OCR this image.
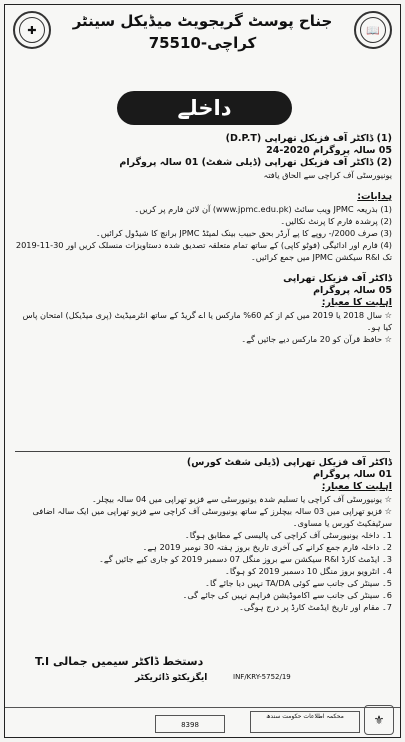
✚	📖
جناح پوسٹ گریجویٹ میڈیکل سینٹر
کراچی-75510
داخلے
(1) ڈاکٹر آف فزیکل تھراپی (D.P.T)
05 سالہ پروگرام 2020-24
(2) ڈاکٹر آف فزیکل تھراپی (ڈیلی شفٹ) 01 سالہ پروگرام
یونیورسٹی آف کراچی سے الحاق یافتہ
ہدایات:
(1) بذریعہ JPMC ویب سائٹ (www.jpmc.edu.pk) آن لائن فارم پر کریں۔
(2) پرشدہ فارم کا پرنٹ نکالیں۔
(3) صرف 2000/- روپے کا پے آرڈر بحق حبیب بینک لمیٹڈ JPMC برانچ کا شیڈول کرائیں۔
(4) فارم اور ادائیگی (فوٹو کاپی) کے ساتھ تمام متعلقہ تصدیق شدہ دستاویزات منسلک کریں اور 30-11-2019 تک R&I سیکشن JPMC میں جمع کرائیں۔
ڈاکٹر آف فزیکل تھراپی
05 سالہ پروگرام
اہلیت کا معیار:
☆ سال 2018 یا 2019 میں کم از کم 60% مارکس یا اے گریڈ کے ساتھ انٹرمیڈیٹ (پری میڈیکل) امتحان پاس کیا ہو۔
☆ حافظ قرآن کو 20 مارکس دیے جائیں گے۔
ڈاکٹر آف فزیکل تھراپی (ڈیلی شفٹ کورس)
01 سالہ پروگرام
اہلیت کا معیار:
☆ یونیورسٹی آف کراچی یا تسلیم شدہ یونیورسٹی سے فزیو تھراپی میں 04 سالہ بیچلر۔
☆ فزیو تھراپی میں 03 سالہ بیچلرز کے ساتھ یونیورسٹی آف کراچی سے فزیو تھراپی میں ایک سالہ اضافی سرٹیفکیٹ کورس یا مساوی۔
1۔ داخلہ یونیورسٹی آف کراچی کی پالیسی کے مطابق ہوگا۔
2۔ داخلہ فارم جمع کرانے کی آخری تاریخ بروز ہفتہ 30 نومبر 2019 ہے۔
3۔ ایڈمٹ کارڈ R&I سیکشن سے بروز منگل 07 دسمبر 2019 کو جاری کیے جائیں گے۔
4۔ انٹرویو بروز منگل 10 دسمبر 2019 کو ہوگا۔
5۔ سینٹر کی جانب سے کوئی TA/DA نہیں دیا جائے گا۔
6۔ سینٹر کی جانب سے اکاموڈیشن فراہم نہیں کی جائے گی۔
7۔ مقام اور تاریخ ایڈمٹ کارڈ پر درج ہوگی۔
دستخط ڈاکٹر سیمیں جمالی T.I
ایگزیکٹو ڈائریکٹر	INF/KRY-5752/19
8398
محکمہ اطلاعات حکومت سندھ	⚜
